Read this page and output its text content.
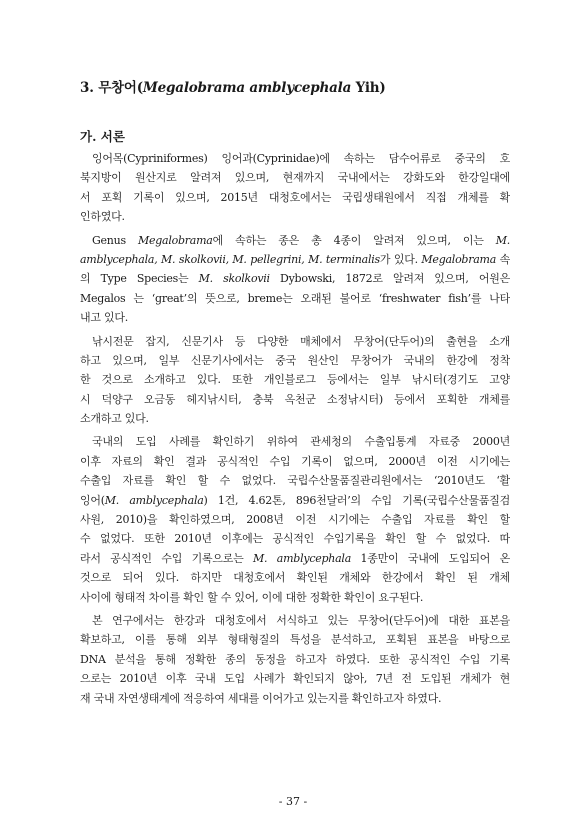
3. 무창어(Megalobrama amblycephala Yih)
가. 서론
잉어목(Cypriniformes) 잉어과(Cyprinidae)에 속하는 담수어류로 중국의 호
북지방이 원산지로 알려져 있으며, 현재까지 국내에서는 강화도와 한강일대에
서 포획 기록이 있으며, 2015년 대청호에서는 국립생태원에서 직접 개체를 확
인하였다.
Genus Megalobrama에 속하는 종은 총 4종이 알려져 있으며, 이는 M.
amblycephala, M. skolkovii, M. pellegrini, M. terminalis가 있다. Megalobrama 속
의 Type Species는 M. skolkovii Dybowski, 1872로 알려져 있으며, 어원은
Megalos 는 ‘great’의 뜻으로, breme는 오래된 불어로 ‘freshwater fish’를 나타
내고 있다.
낚시전문 잡지, 신문기사 등 다양한 매체에서 무창어(단두어)의 출현을 소개
하고 있으며, 일부 신문기사에서는 중국 원산인 무창어가 국내의 한강에 정착
한 것으로 소개하고 있다. 또한 개인블로그 등에서는 일부 낚시터(경기도 고양
시 덕양구 오금동 헤지낚시터, 충북 옥천군 소정낚시터) 등에서 포획한 개체를
소개하고 있다.
국내의 도입 사례를 확인하기 위하여 관세청의 수출입통계 자료중 2000년
이후 자료의 확인 결과 공식적인 수입 기록이 없으며, 2000년 이전 시기에는
수출입 자료를 확인 할 수 없었다. 국립수산물품질관리원에서는 ‘2010년도 ‘활
잉어(M. amblycephala) 1건, 4.62톤, 896천달러’의 수입 기록(국립수산물품질검
사원, 2010)을 확인하였으며, 2008년 이전 시기에는 수출입 자료를 확인 할
수 없었다. 또한 2010년 이후에는 공식적인 수입기록을 확인 할 수 없었다. 따
라서 공식적인 수입 기록으로는 M. amblycephala 1종만이 국내에 도입되어 온
것으로 되어 있다. 하지만 대청호에서 확인된 개체와 한강에서 확인 된 개체
사이에 형태적 차이를 확인 할 수 있어, 이에 대한 정확한 확인이 요구된다.
본 연구에서는 한강과 대청호에서 서식하고 있는 무창어(단두어)에 대한 표본을
확보하고, 이를 통해 외부 형태형질의 특성을 분석하고, 포획된 표본을 바탕으로
DNA 분석을 통해 정확한 종의 동정을 하고자 하였다. 또한 공식적인 수입 기록
으로는 2010년 이후 국내 도입 사례가 확인되지 않아, 7년 전 도입된 개체가 현
재 국내 자연생태계에 적응하여 세대를 이어가고 있는지를 확인하고자 하였다.
- 37 -
